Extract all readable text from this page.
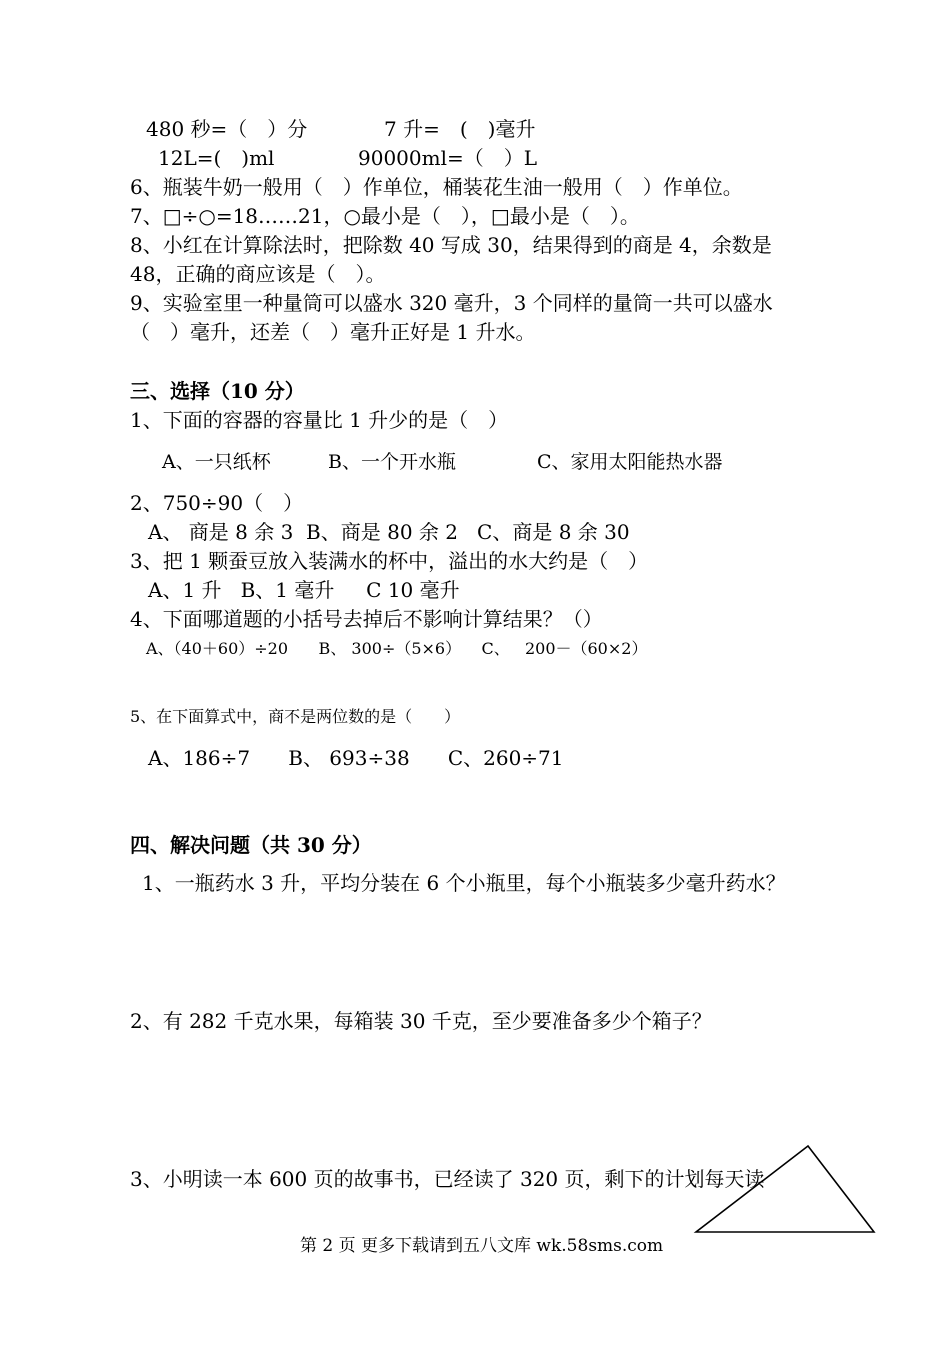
480 秒=（　）分	7 升=　(　)毫升
12L=(　)ml	90000ml=（　）L
6、瓶装牛奶一般用（　）作单位，桶装花生油一般用（　）作单位。
7、□÷○=18……21，○最小是（　），□最小是（　）。
8、小红在计算除法时，把除数 40 写成 30，结果得到的商是 4，余数是
48，正确的商应该是（　）。
9、实验室里一种量筒可以盛水 320 毫升，3 个同样的量筒一共可以盛水
（　）毫升，还差（　）毫升正好是 1 升水。
三、选择（10 分）
1、下面的容器的容量比 1 升少的是（　）
A、一只纸杯	B、一个开水瓶	C、家用太阳能热水器
2、750÷90（　）
A、 商是 8 余 3  B、商是 80 余 2   C、商是 8 余 30
3、把 1 颗蚕豆放入装满水的杯中，溢出的水大约是（　）
A、1 升   B、1 毫升     C 10 毫升
4、下面哪道题的小括号去掉后不影响计算结果？（）
A、（40＋60）÷20      B、 300÷（5×6）    C、   200－（60×2）
5、在下面算式中，商不是两位数的是（　　）
A、186÷7      B、 693÷38      C、260÷71
四、解决问题（共 30 分）
1、一瓶药水 3 升，平均分装在 6 个小瓶里，每个小瓶装多少毫升药水？
2、有 282 千克水果，每箱装 30 千克，至少要准备多少个箱子？
3、小明读一本 600 页的故事书，已经读了 320 页，剩下的计划每天读
第 2 页 更多下载请到五八文库 wk.58sms.com
